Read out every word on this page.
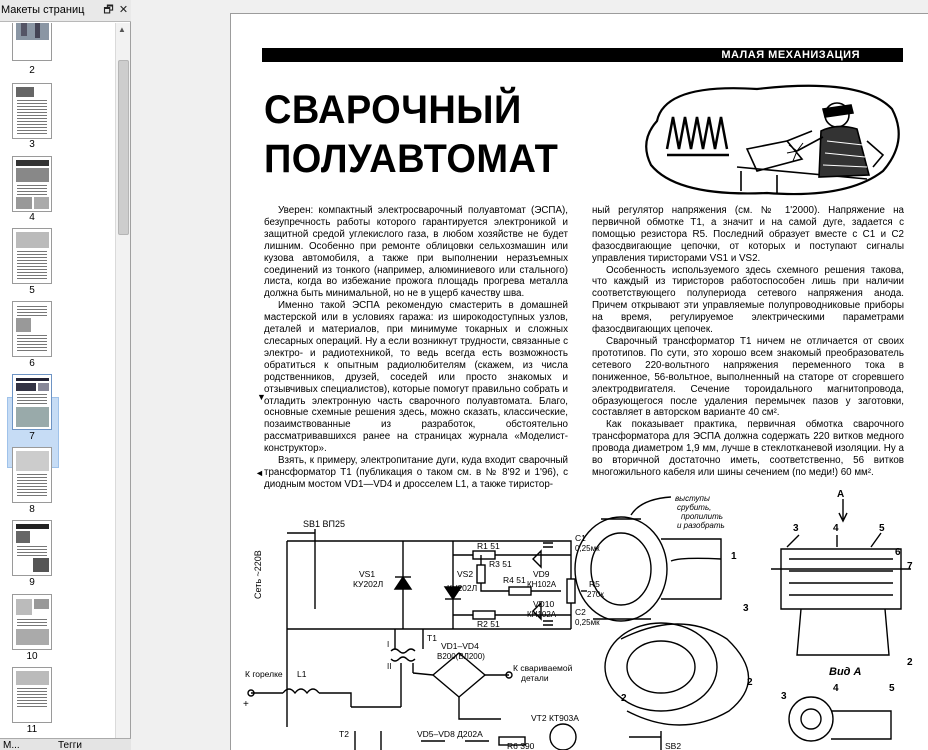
Макеты страниц 🗗 ✕
2
3
4
5
6
7
8
9
10
11
▲
М...	Тегги
МАЛАЯ МЕХАНИЗАЦИЯ
СВАРОЧНЫЙ
ПОЛУАВТОМАТ

Уверен: компактный электросварочный полуавтомат (ЭСПА), безупречность работы которого гарантируется электроникой и защитной средой углекислого газа, в любом хозяйстве не будет лишним. Особенно при ремонте облицовки сельхозмашин или кузова автомобиля, а также при выполнении неразъемных соединений из тонкого (например, алюминиевого или стального) листа, когда во избежание прожога площадь прогрева металла должна быть минимальной, но не в ущерб качеству шва.

Именно такой ЭСПА рекомендую смастерить в домашней мастерской или в условиях гаража: из широкодоступных узлов, деталей и материалов, при минимуме токарных и сложных слесарных операций. Ну а если возникнут трудности, связанные с электро- и радиотехникой, то ведь всегда есть возможность обратиться к опытным радиолюбителям (скажем, из числа родственников, друзей, соседей или просто знакомых и отзывчивых специалистов), которые помогут правильно собрать и отладить электронную часть сварочного полуавтомата. Благо, основные схемные решения здесь, можно сказать, классические, позаимствованные из разработок, обстоятельно рассматривавшихся ранее на страницах журнала «Моделист-конструктор».

Взять, к примеру, электропитание дуги, куда входит сварочный трансформатор Т1 (публикация о таком см. в № 8'92 и 1'96), с диодным мостом VD1—VD4 и дросселем L1, а также тиристор-

▼
◄

ный регулятор напряжения (см. № 1'2000). Напряжение на первичной обмотке Т1, а значит и на самой дуге, задается с помощью резистора R5. Последний образует вместе с С1 и С2 фазосдвигающие цепочки, от которых и поступают сигналы управления тиристорами VS1 и VS2.

Особенность используемого здесь схемного решения такова, что каждый из тиристоров работоспособен лишь при наличии соответствующего полупериода сетевого напряжения анода. Причем открывают эти управляемые полупроводниковые приборы на время, регулируемое электрическими параметрами фазосдвигающих цепочек.

Сварочный трансформатор Т1 ничем не отличается от своих прототипов. По сути, это хорошо всем знакомый преобразователь сетевого 220-вольтного напряжения переменного тока в пониженное, 56-вольтное, выполненный на статоре от сгоревшего электродвигателя. Сечение тороидального магнитопровода, образующегося после удаления перемычек пазов у заготовки, составляет в авторском варианте 40 см².

Как показывает практика, первичная обмотка сварочного трансформатора для ЭСПА должна содержать 220 витков медного провода диаметром 1,9 мм, лучше в стеклотканевой изоляции. Ну а во вторичной достаточно иметь, соответственно, 56 витков многожильного кабеля или шины сечением (по меди!) 60 мм².

SB1 ВП25
Сеть ~220В	VS1
КУ202Л
VS2
КУ202Л
R1 51
R3 51
R4 51
R2 51
VD9
КН102А
VD10
КН102А
C1
0,25мк
R5
270к
C2
0,25мк
T1
I
II
VD1–VD4
В200(ВЛ200)
К горелке L1
К свариваемой
детали
+
T2	VD5–VD8 Д202А
VT2 КТ903А
R6 390	SB2
выступы
срубить,
пропилить
и разобрать
1
2
3
2
А
Вид А
3	4	5
6
7
2
3
4	5
